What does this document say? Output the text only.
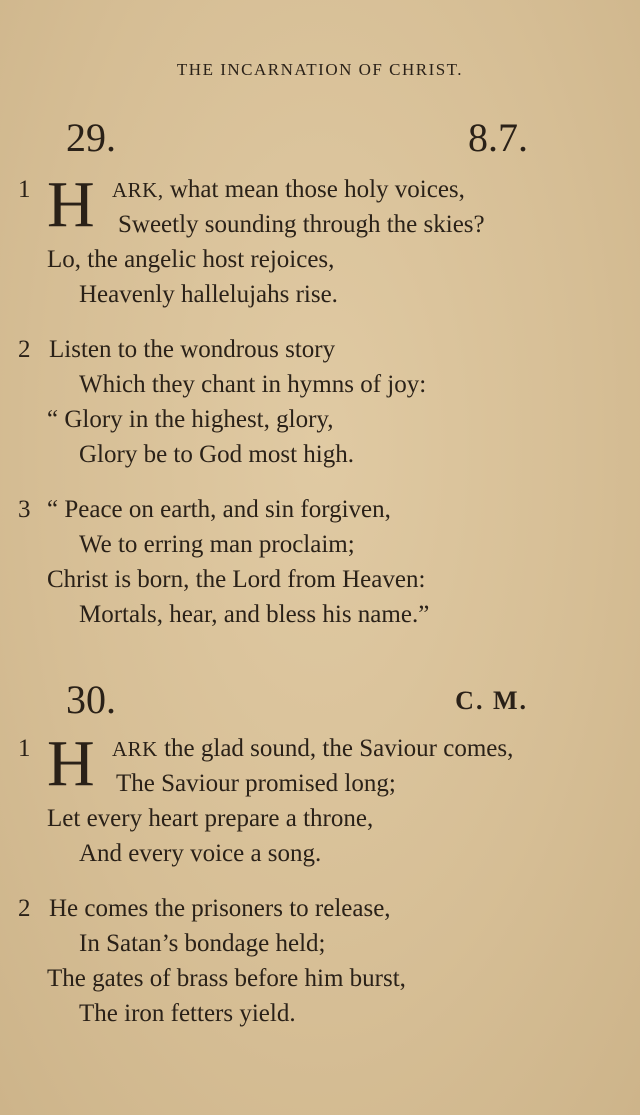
THE INCARNATION OF CHRIST.
29.	8.7.
1 H ARK, what mean those holy voices,
Sweetly sounding through the skies?
Lo, the angelic host rejoices,
Heavenly hallelujahs rise.
2 Listen to the wondrous story
Which they chant in hymns of joy:
“ Glory in the highest, glory,
Glory be to God most high.
3 “ Peace on earth, and sin forgiven,
We to erring man proclaim;
Christ is born, the Lord from Heaven:
Mortals, hear, and bless his name.”
30.	C. M.
1 H ARK the glad sound, the Saviour comes,
The Saviour promised long;
Let every heart prepare a throne,
And every voice a song.
2 He comes the prisoners to release,
In Satan’s bondage held;
The gates of brass before him burst,
The iron fetters yield.
